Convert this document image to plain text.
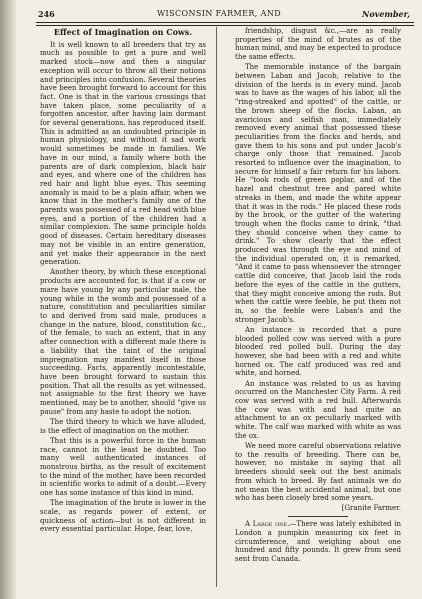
WISCONSIN FARMER, AND
246	November,
Effect of Imagination on Cows.

It is well known to all breeders that try as much as possible to get a pure and well marked stock—now and then a singular exception will occur to throw all their notions and principles into confusion. Several theories have been brought forward to account for this fact. One is that in the various crossings that have taken place, some peculiarity of a forgotten ancestor, after having lain dormant for several generations, has reproduced itself. This is admitted as an undoubted principle in human physiology, and without it sad work would sometimes be made in families. We have in our mind, a family where both the parents are of dark complexion, black hair and eyes, and where one of the children has red hair and light blue eyes. This seeming anomaly is maid to be a plain affair, when we know that in the mother's family one of the parents was possessed of a red head with blue eyes, and a portion of the children had a similar complexion. The same principle holds good of diseases. Certain hereditary diseases may not be visible in an entire generation, and yet make their appearance in the next generation.

Another theory, by which these exceptional products are accounted for, is that if a cow or mare have young by any particular male, the young while in the womb and possessed of a nature, constitution and peculiarities similar to and derived from said male, produces a change in the nature, blood, constitution &c., of the female, to such an extent, that in any after connection with a different male there is a liability that the taint of the original impregnation may manifest itself in those succeeding. Facts, apparently incontestable, have been brought forward to sustain this position. That all the results as yet witnessed, not assignable to the first theory we have mentioned, may be to another, should "give us pause" from any haste to adopt the notion.

The third theory to which we have alluded, is the effect of imagination on the mother.

That this is a powerful force in the human race, cannot in the least be doubted. Too many well authenticated instances of monstrous births, as the result of excitement to the mind of the mother, have been recorded in scientific works to admit of a doubt.—Every one has some instance of this kind in mind.

The imagination of the brute is lower in the scale, as regards power of extent, or quickness of action—but is not different in every essential particular. Hope, fear, love,

friendship, disgust &c.,—are as really properties of the mind of brutes as of the human mind, and may be expected to produce the same effects.

The memorable instance of the bargain between Laban and Jacob, relative to the division of the herds is in every mind. Jacob was to have as the wages of his labor, all the "ring-streaked and spotted" of the cattle, or the brown sheep of the flocks. Laban, an avaricious and selfish man, immediately removed every animal that possessed these peculiarities from the flocks and herds, and gave them to his sons and put under Jacob's charge only those that remained. Jacob resorted to influence over the imagination, to secure for himself a fair return for his labors. He "took rods of green poplar, and of the hazel and chestnut tree and pared white streaks in them, and made the white appear that it was in the rods." He placed these rods by the brook, or the gutter of the watering trough when the flocks came to drink, "that they should conceive when they came to drink." To show clearly that the effect produced was through the eye and mind of the individual operated on, it is remarked, "And it came to pass whensoever the stronger cattle did conceive, that Jacob laid the rods before the eyes of the cattle in the gutters, that they might conceive among the rods. But when the cattle were feeble, he put them not in, so the feeble were Laban's and the stronger Jacob's.

An instance is recorded that a pure blooded polled cow was served with a pure blooded red polled bull. During the day however, she had been with a red and white horned ox. The calf produced was red and white, and horned.

An instance was related to us as having occurred on the Manchester City Farm. A red cow was served with a red bull. Afterwards the cow was with and had quite an attachment to an ox peculiarly marked with white. The calf was marked with white as was the ox.

We need more careful observations relative to the results of breeding. There can be, however, no mistake in saying that all breeders should seek out the best animals from which to breed. By fast animals we do not mean the best accidental animal, but one who has been closely bred some years.

[Granite Farmer.

A Large one.—There was lately exhibited in London a pumpkin measuring six feet in circumference, and weighing about one hundred and fifty pounds. It grew from seed sent from Canada.
